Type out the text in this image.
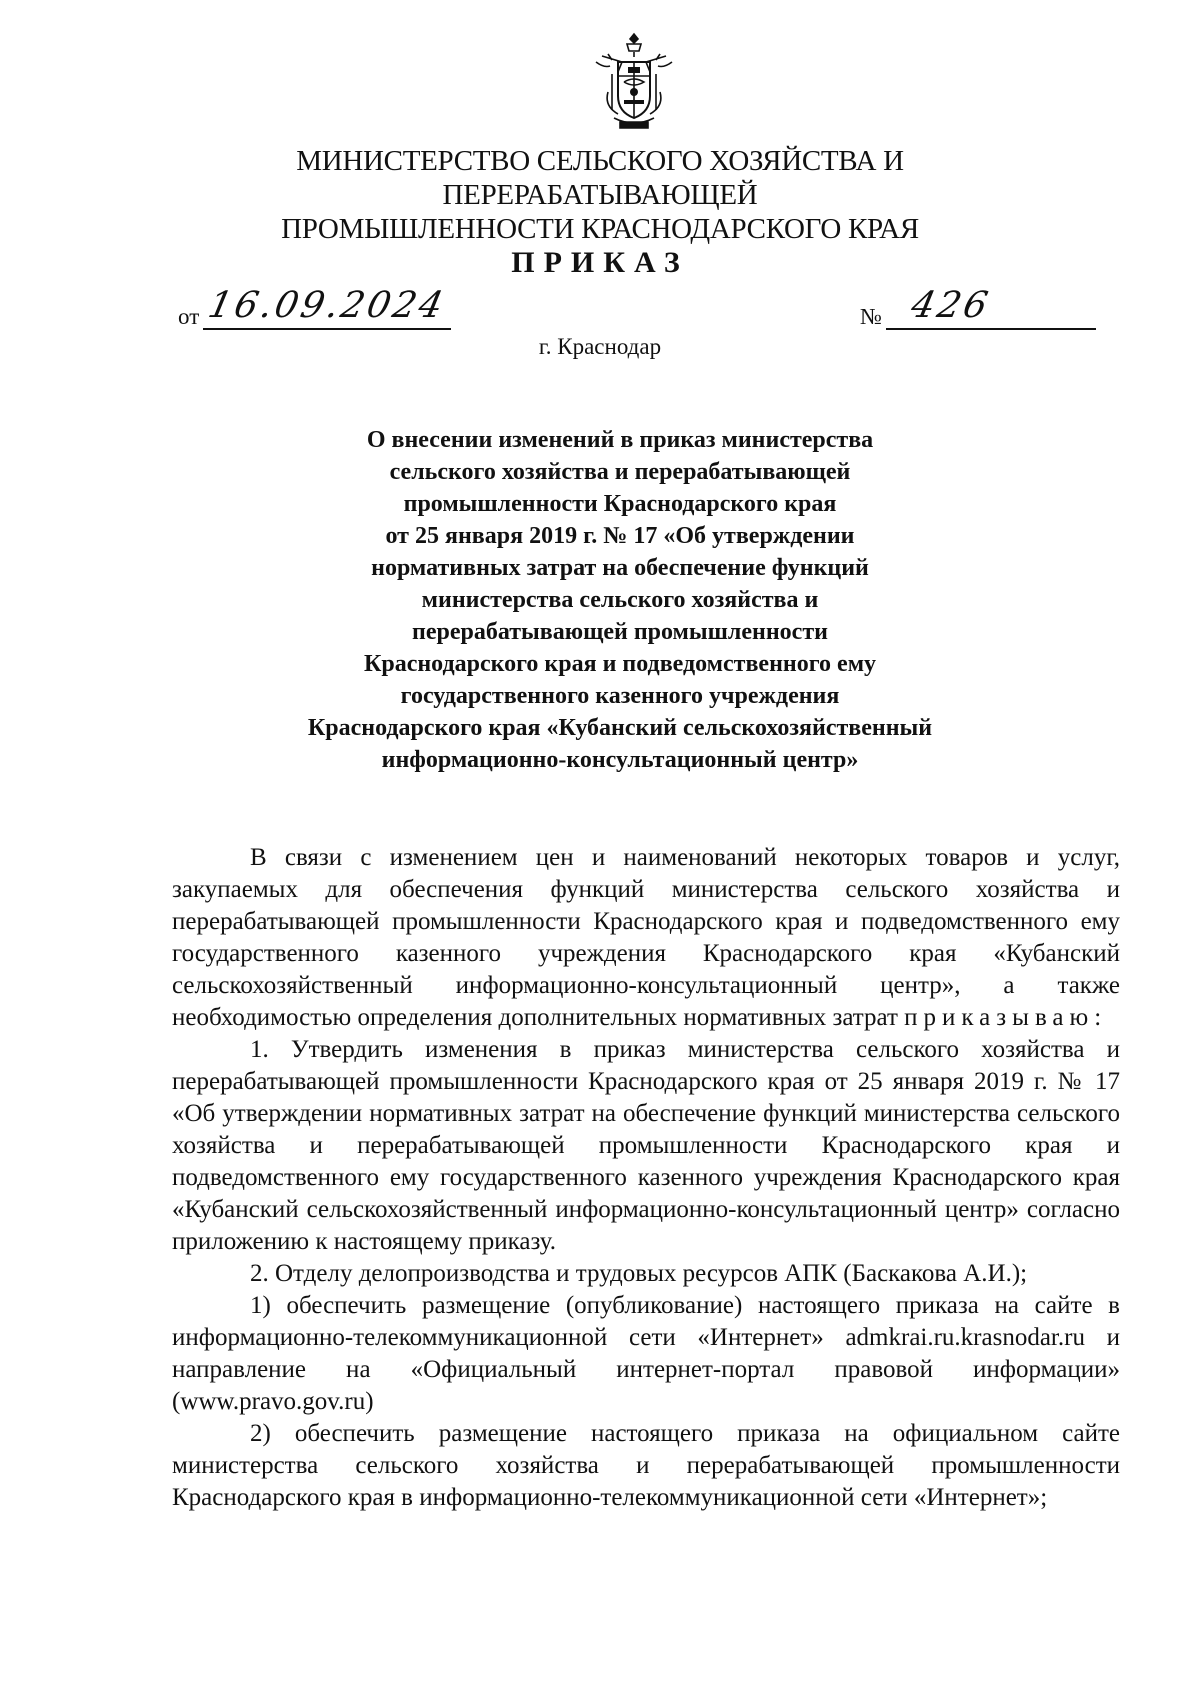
МИНИСТЕРСТВО СЕЛЬСКОГО ХОЗЯЙСТВА И ПЕРЕРАБАТЫВАЮЩЕЙ
ПРОМЫШЛЕННОСТИ КРАСНОДАРСКОГО КРАЯ
ПРИКАЗ
от 16.09.2024	№ 426
г. Краснодар
О внесении изменений в приказ министерства
сельского хозяйства и перерабатывающей
промышленности Краснодарского края
от 25 января 2019 г. № 17 «Об утверждении
нормативных затрат на обеспечение функций
министерства сельского хозяйства и
перерабатывающей промышленности
Краснодарского края и подведомственного ему
государственного казенного учреждения
Краснодарского края «Кубанский сельскохозяйственный
информационно-консультационный центр»

В связи с изменением цен и наименований некоторых товаров и услуг, закупаемых для обеспечения функций министерства сельского хозяйства и перерабатывающей промышленности Краснодарского края и подведомственного ему государственного казенного учреждения Краснодарского края «Кубанский сельскохозяйственный информационно-консультационный центр», а также необходимостью определения дополнительных нормативных затрат приказываю:

1. Утвердить изменения в приказ министерства сельского хозяйства и перерабатывающей промышленности Краснодарского края от 25 января 2019 г. № 17 «Об утверждении нормативных затрат на обеспечение функций министерства сельского хозяйства и перерабатывающей промышленности Краснодарского края и подведомственного ему государственного казенного учреждения Краснодарского края «Кубанский сельскохозяйственный информационно-консультационный центр» согласно приложению к настоящему приказу.

2. Отделу делопроизводства и трудовых ресурсов АПК (Баскакова А.И.);

1) обеспечить размещение (опубликование) настоящего приказа на сайте в информационно-телекоммуникационной сети «Интернет» admkrai.ru.krasnodar.ru и направление на «Официальный интернет-портал правовой информации» (www.pravo.gov.ru)

2) обеспечить размещение настоящего приказа на официальном сайте министерства сельского хозяйства и перерабатывающей промышленности Краснодарского края в информационно-телекоммуникационной сети «Интернет»;
